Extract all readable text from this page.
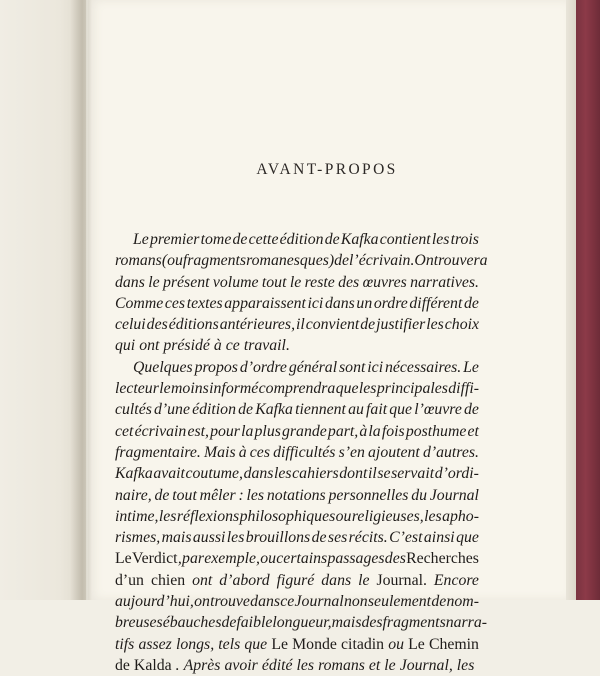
AVANT-PROPOS
Le premier tome de cette édition de Kafka contient les trois
romans (ou fragments romanesques) de l’écrivain. On trouvera
dans le présent volume tout le reste des œuvres narratives.
Comme ces textes apparaissent ici dans un ordre différent de
celui des éditions antérieures, il convient de justifier les choix
qui ont présidé à ce travail.
Quelques propos d’ordre général sont ici nécessaires. Le
lecteur le moins informé comprendra que les principales diffi-
cultés d’une édition de Kafka tiennent au fait que l’œuvre de
cet écrivain est, pour la plus grande part, à la fois posthume et
fragmentaire. Mais à ces difficultés s’en ajoutent d’autres.
Kafka avait coutume, dans les cahiers dont il se servait d’ordi-
naire, de tout mêler : les notations personnelles du Journal
intime, les réflexions philosophiques ou religieuses, les apho-
rismes, mais aussi les brouillons de ses récits. C’est ainsi que
Le Verdict , par exemple, ou certains passages des Recherches
d’un chien ont d’abord figuré dans le Journal. Encore
aujourd’hui, on trouve dans ce Journal non seulement de nom-
breuses ébauches de faible longueur, mais des fragments narra-
tifs assez longs, tels que Le Monde citadin ou Le Chemin
de Kalda . Après avoir édité les romans et le Journal, les
